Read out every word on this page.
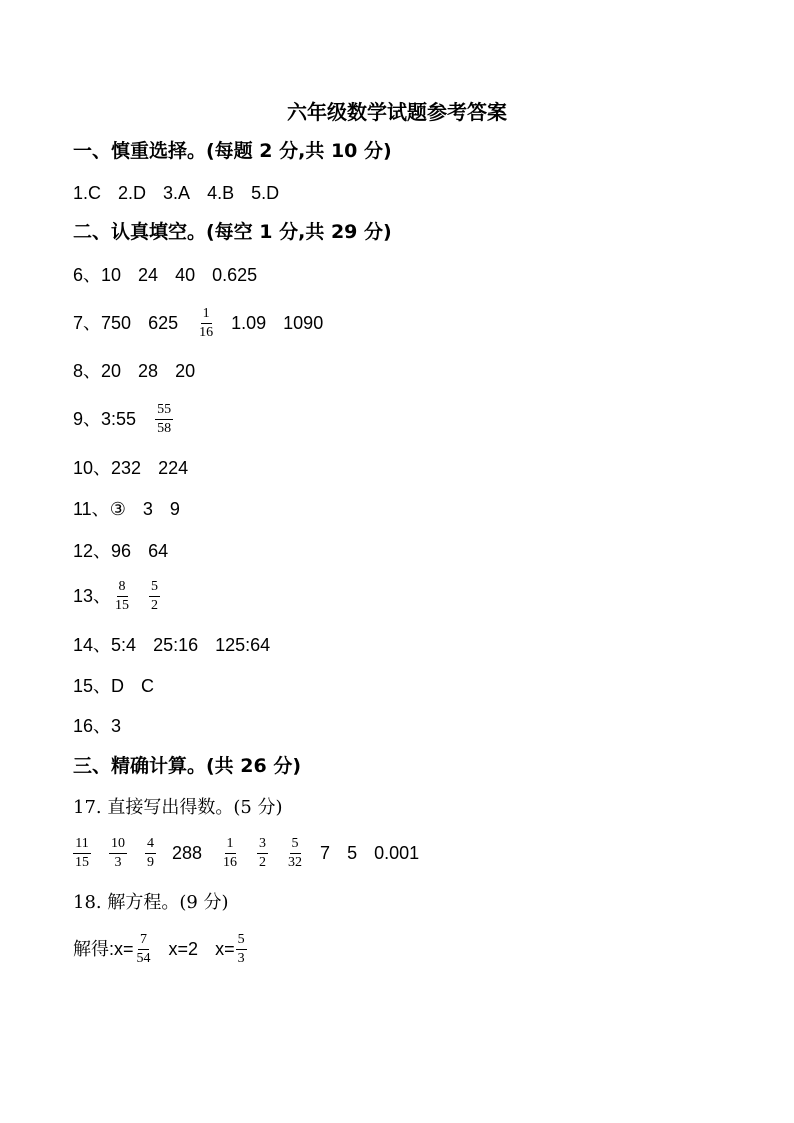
六年级数学试题参考答案
一、慎重选择。(每题 2 分,共 10 分)
1.C 2.D 3.A 4.B 5.D
二、认真填空。(每空 1 分,共 29 分)
6、 10 24 40 0.625
7、 750 $625 \frac{1}{16} 1.09$ 1090
8、 20 28 20
9、 3:55 $\frac{55}{58}$
10、 232 224
11、 ③ 3 9
12、 96 64
13、 $\frac{8}{15} \frac{5}{2}$
14、 5:4 25:16 125:64
15、 D C
16、 3
三、精确计算。(共 26 分)
17. 直接写出得数。(5 分)
$\frac{11}{15} \frac{10}{3} \frac{4}{9} 288 \frac{1}{16} \frac{3}{2} \frac{5}{32} 7$ 5 0.001
18. 解方程。(9 分)
解得: $x= \frac{7}{54} x=2$ $x= \frac{5}{3}$
